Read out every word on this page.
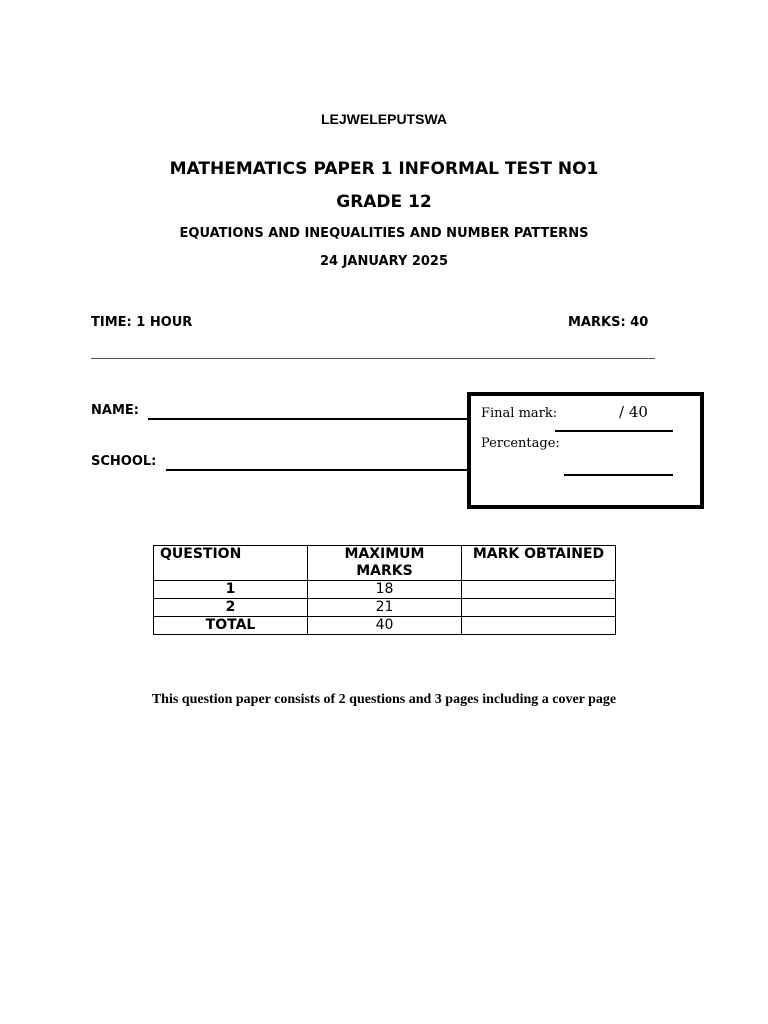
LEJWELEPUTSWA
MATHEMATICS PAPER 1 INFORMAL TEST NO1
GRADE 12
EQUATIONS AND INEQUALITIES AND NUMBER PATTERNS
24 JANUARY 2025
TIME: 1 HOUR	MARKS: 40
NAME:
SCHOOL:
Final mark:	/ 40
Percentage:
QUESTION	MAXIMUM MARKS	MARK OBTAINED
1	18	
2	21	
TOTAL	40	
This question paper consists of 2 questions and 3 pages including a cover page
